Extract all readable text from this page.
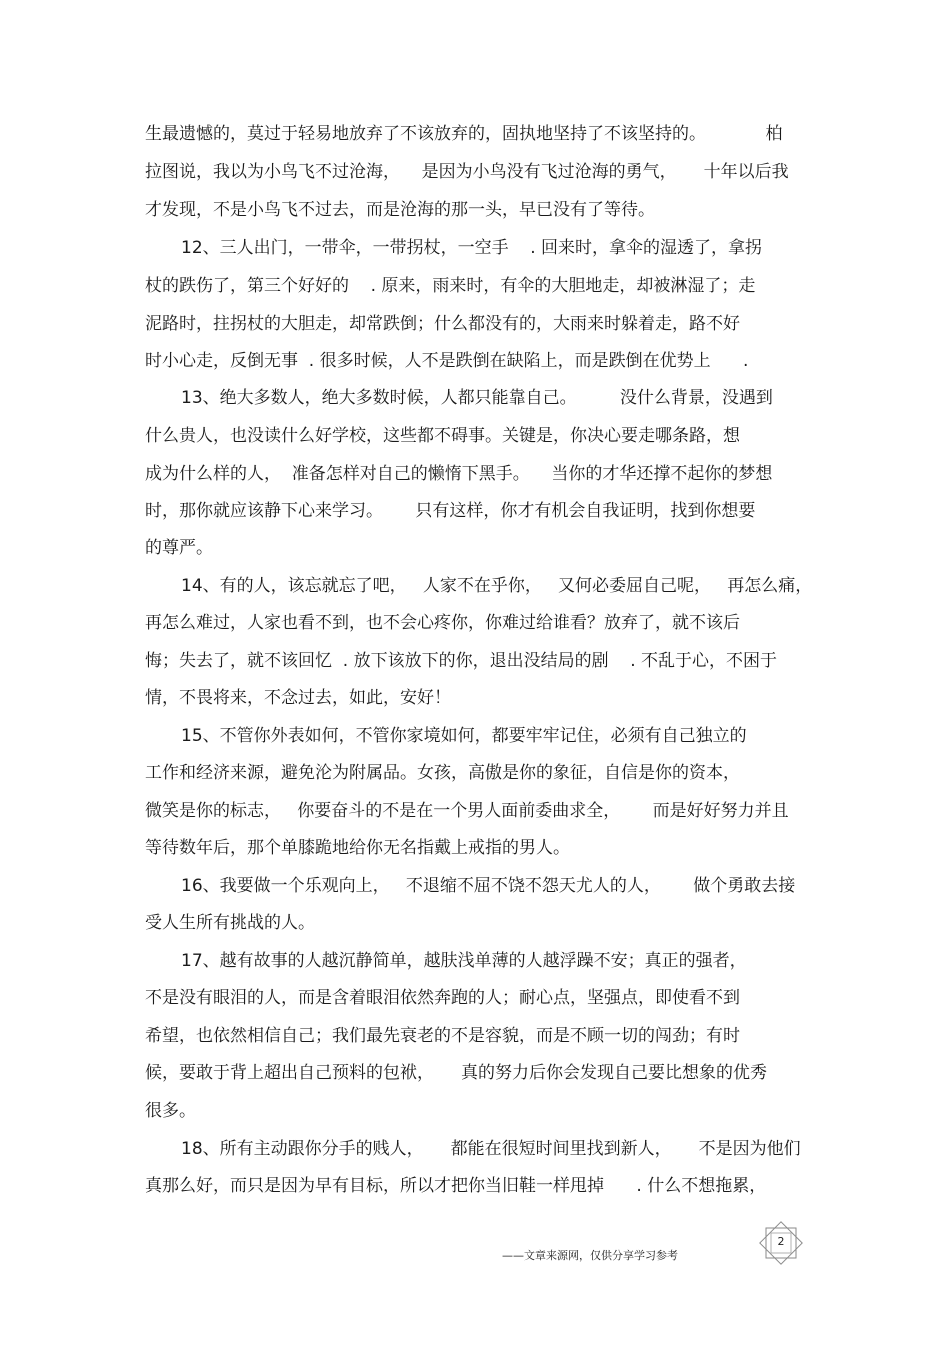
生最遗憾的，莫过于轻易地放弃了不该放弃的，固执地坚持了不该坚持的。           柏
拉图说，我以为小鸟飞不过沧海，    是因为小鸟没有飞过沧海的勇气，     十年以后我
才发现，不是小鸟飞不过去，而是沧海的那一头，早已没有了等待。
12、三人出门，一带伞，一带拐杖，一空手    . 回来时，拿伞的湿透了，拿拐
杖的跌伤了，第三个好好的    . 原来，雨来时，有伞的大胆地走，却被淋湿了；走
泥路时，拄拐杖的大胆走，却常跌倒；什么都没有的，大雨来时躲着走，路不好
时小心走，反倒无事  . 很多时候，人不是跌倒在缺陷上，而是跌倒在优势上      .
13、绝大多数人，绝大多数时候，人都只能靠自己。        没什么背景，没遇到
什么贵人，也没读什么好学校，这些都不碍事。关键是，你决心要走哪条路，想
成为什么样的人，  准备怎样对自己的懒惰下黑手。    当你的才华还撑不起你的梦想
时，那你就应该静下心来学习。      只有这样，你才有机会自我证明，找到你想要
的尊严。
14、有的人，该忘就忘了吧，   人家不在乎你，   又何必委屈自己呢，   再怎么痛，
再怎么难过，人家也看不到，也不会心疼你，你难过给谁看？放弃了，就不该后
悔；失去了，就不该回忆  . 放下该放下的你，退出没结局的剧    . 不乱于心，不困于
情，不畏将来，不念过去，如此，安好！
15、不管你外表如何，不管你家境如何，都要牢牢记住，必须有自己独立的
工作和经济来源，避免沦为附属品。女孩，高傲是你的象征，自信是你的资本，
微笑是你的标志，   你要奋斗的不是在一个男人面前委曲求全，      而是好好努力并且
等待数年后，那个单膝跪地给你无名指戴上戒指的男人。
16、我要做一个乐观向上，   不退缩不屈不饶不怨天尤人的人，      做个勇敢去接
受人生所有挑战的人。
17、越有故事的人越沉静简单，越肤浅单薄的人越浮躁不安；真正的强者，
不是没有眼泪的人，而是含着眼泪依然奔跑的人；耐心点，坚强点，即使看不到
希望，也依然相信自己；我们最先衰老的不是容貌，而是不顾一切的闯劲；有时
候，要敢于背上超出自己预料的包袱，     真的努力后你会发现自己要比想象的优秀
很多。
18、所有主动跟你分手的贱人，     都能在很短时间里找到新人，     不是因为他们
真那么好，而只是因为早有目标，所以才把你当旧鞋一样甩掉      . 什么不想拖累，
——文章来源网，仅供分享学习参考
2
